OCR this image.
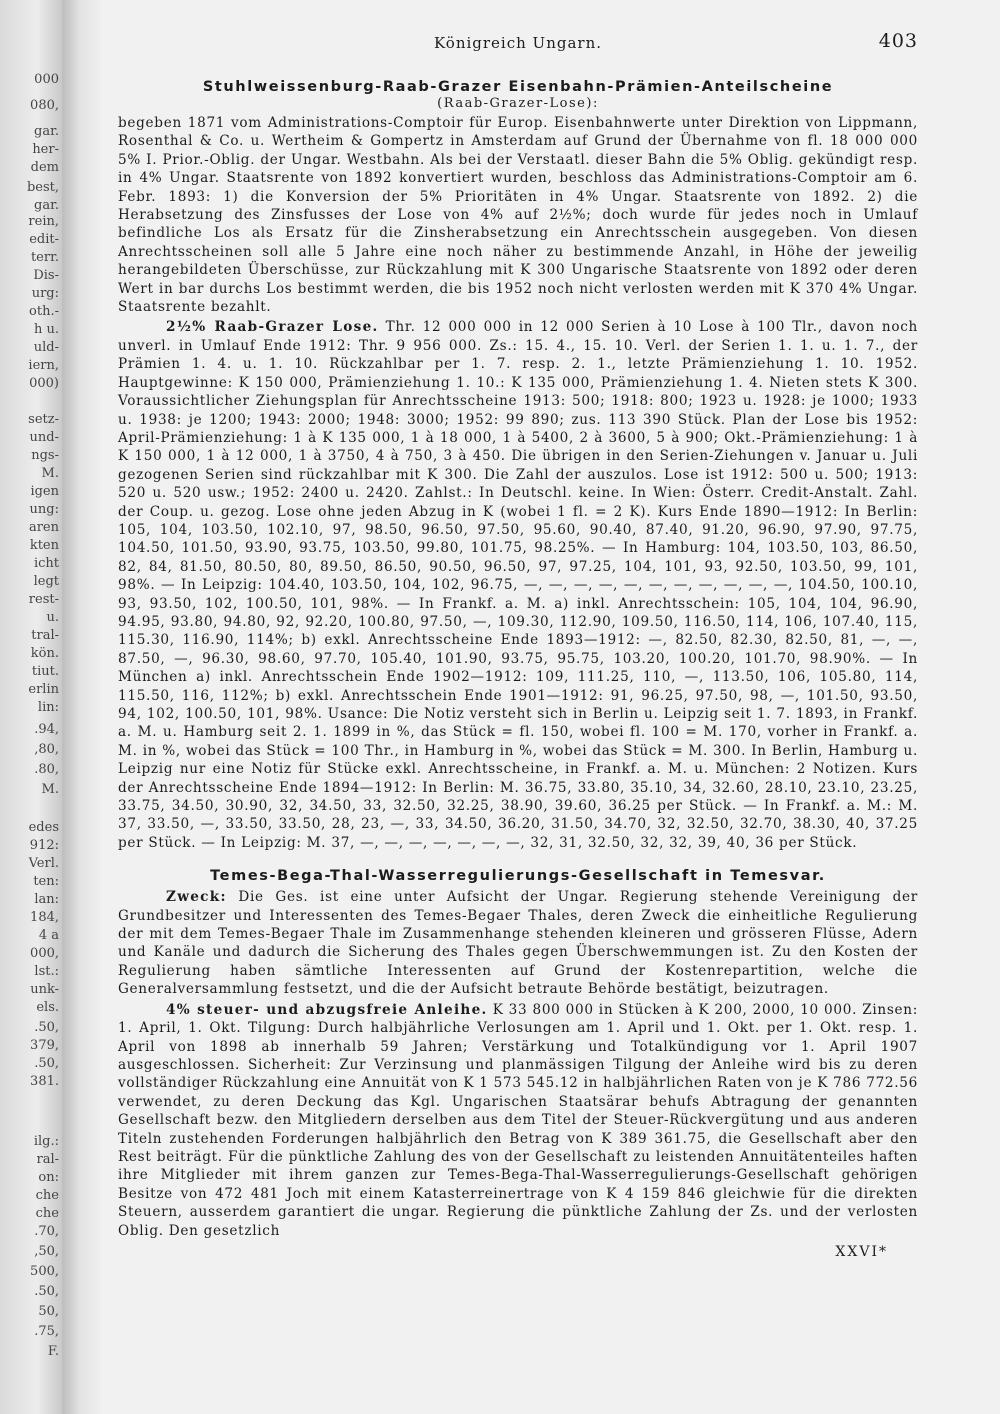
000
080,
gar.
her-
dem
best,
gar.
rein,
edit-
terr.
Dis-
urg:
oth.-
h u.
uld-
iern,
000)
setz-
und-
ngs-
M.
igen
ung:
aren
kten
icht
legt
rest-
u.
tral-
kön.
tiut.
erlin
lin:
.94,
,80,
.80,
M.
edes
912:
Verl.
ten:
lan:
184,
4 a
000,
lst.:
unk-
els.
.50,
379,
.50,
381.
ilg.:
ral-
on:
che
che
.70,
,50,
500,
.50,
50,
.75,
F.
Königreich Ungarn.	403
Stuhlweissenburg-Raab-Grazer Eisenbahn-Prämien-Anteilscheine
(Raab-Grazer-Lose):

begeben 1871 vom Administrations-Comptoir für Europ. Eisenbahnwerte unter Direktion von Lippmann, Rosenthal & Co. u. Wertheim & Gompertz in Amsterdam auf Grund der Übernahme von fl. 18 000 000 5% I. Prior.-Oblig. der Ungar. Westbahn. Als bei der Verstaatl. dieser Bahn die 5% Oblig. gekündigt resp. in 4% Ungar. Staatsrente von 1892 konvertiert wurden, beschloss das Administrations-Comptoir am 6. Febr. 1893: 1) die Konversion der 5% Prioritäten in 4% Ungar. Staatsrente von 1892. 2) die Herabsetzung des Zinsfusses der Lose von 4% auf 2½%; doch wurde für jedes noch in Umlauf befindliche Los als Ersatz für die Zinsherabsetzung ein Anrechtsschein ausgegeben. Von diesen Anrechtsscheinen soll alle 5 Jahre eine noch näher zu bestimmende Anzahl, in Höhe der jeweilig herangebildeten Überschüsse, zur Rückzahlung mit K 300 Ungarische Staatsrente von 1892 oder deren Wert in bar durchs Los bestimmt werden, die bis 1952 noch nicht verlosten werden mit K 370 4% Ungar. Staatsrente bezahlt.

2½% Raab-Grazer Lose. Thr. 12 000 000 in 12 000 Serien à 10 Lose à 100 Tlr., davon noch unverl. in Umlauf Ende 1912: Thr. 9 956 000. Zs.: 15. 4., 15. 10. Verl. der Serien 1. 1. u. 1. 7., der Prämien 1. 4. u. 1. 10. Rückzahlbar per 1. 7. resp. 2. 1., letzte Prämienziehung 1. 10. 1952. Hauptgewinne: K 150 000, Prämienziehung 1. 10.: K 135 000, Prämienziehung 1. 4. Nieten stets K 300. Voraussichtlicher Ziehungsplan für Anrechtsscheine 1913: 500; 1918: 800; 1923 u. 1928: je 1000; 1933 u. 1938: je 1200; 1943: 2000; 1948: 3000; 1952: 99 890; zus. 113 390 Stück. Plan der Lose bis 1952: April-Prämienziehung: 1 à K 135 000, 1 à 18 000, 1 à 5400, 2 à 3600, 5 à 900; Okt.-Prämienziehung: 1 à K 150 000, 1 à 12 000, 1 à 3750, 4 à 750, 3 à 450. Die übrigen in den Serien-Ziehungen v. Januar u. Juli gezogenen Serien sind rückzahlbar mit K 300. Die Zahl der auszulos. Lose ist 1912: 500 u. 500; 1913: 520 u. 520 usw.; 1952: 2400 u. 2420. Zahlst.: In Deutschl. keine. In Wien: Österr. Credit-Anstalt. Zahl. der Coup. u. gezog. Lose ohne jeden Abzug in K (wobei 1 fl. = 2 K). Kurs Ende 1890—1912: In Berlin: 105, 104, 103.50, 102.10, 97, 98.50, 96.50, 97.50, 95.60, 90.40, 87.40, 91.20, 96.90, 97.90, 97.75, 104.50, 101.50, 93.90, 93.75, 103.50, 99.80, 101.75, 98.25%. — In Hamburg: 104, 103.50, 103, 86.50, 82, 84, 81.50, 80.50, 80, 89.50, 86.50, 90.50, 96.50, 97, 97.25, 104, 101, 93, 92.50, 103.50, 99, 101, 98%. — In Leipzig: 104.40, 103.50, 104, 102, 96.75, —, —, —, —, —, —, —, —, —, —, —, 104.50, 100.10, 93, 93.50, 102, 100.50, 101, 98%. — In Frankf. a. M. a) inkl. Anrechtsschein: 105, 104, 104, 96.90, 94.95, 93.80, 94.80, 92, 92.20, 100.80, 97.50, —, 109.30, 112.90, 109.50, 116.50, 114, 106, 107.40, 115, 115.30, 116.90, 114%; b) exkl. Anrechtsscheine Ende 1893—1912: —, 82.50, 82.30, 82.50, 81, —, —, 87.50, —, 96.30, 98.60, 97.70, 105.40, 101.90, 93.75, 95.75, 103.20, 100.20, 101.70, 98.90%. — In München a) inkl. Anrechtsschein Ende 1902—1912: 109, 111.25, 110, —, 113.50, 106, 105.80, 114, 115.50, 116, 112%; b) exkl. Anrechtsschein Ende 1901—1912: 91, 96.25, 97.50, 98, —, 101.50, 93.50, 94, 102, 100.50, 101, 98%. Usance: Die Notiz versteht sich in Berlin u. Leipzig seit 1. 7. 1893, in Frankf. a. M. u. Hamburg seit 2. 1. 1899 in %, das Stück = fl. 150, wobei fl. 100 = M. 170, vorher in Frankf. a. M. in %, wobei das Stück = 100 Thr., in Hamburg in %, wobei das Stück = M. 300. In Berlin, Hamburg u. Leipzig nur eine Notiz für Stücke exkl. Anrechtsscheine, in Frankf. a. M. u. München: 2 Notizen. Kurs der Anrechtsscheine Ende 1894—1912: In Berlin: M. 36.75, 33.80, 35.10, 34, 32.60, 28.10, 23.10, 23.25, 33.75, 34.50, 30.90, 32, 34.50, 33, 32.50, 32.25, 38.90, 39.60, 36.25 per Stück. — In Frankf. a. M.: M. 37, 33.50, —, 33.50, 33.50, 28, 23, —, 33, 34.50, 36.20, 31.50, 34.70, 32, 32.50, 32.70, 38.30, 40, 37.25 per Stück. — In Leipzig: M. 37, —, —, —, —, —, —, —, 32, 31, 32.50, 32, 32, 39, 40, 36 per Stück.

Temes-Bega-Thal-Wasserregulierungs-Gesellschaft in Temesvar.

Zweck: Die Ges. ist eine unter Aufsicht der Ungar. Regierung stehende Vereinigung der Grundbesitzer und Interessenten des Temes-Begaer Thales, deren Zweck die einheitliche Regulierung der mit dem Temes-Begaer Thale im Zusammenhange stehenden kleineren und grösseren Flüsse, Adern und Kanäle und dadurch die Sicherung des Thales gegen Überschwemmungen ist. Zu den Kosten der Regulierung haben sämtliche Interessenten auf Grund der Kostenrepartition, welche die Generalversammlung festsetzt, und die der Aufsicht betraute Behörde bestätigt, beizutragen.

4% steuer- und abzugsfreie Anleihe. K 33 800 000 in Stücken à K 200, 2000, 10 000. Zinsen: 1. April, 1. Okt. Tilgung: Durch halbjährliche Verlosungen am 1. April und 1. Okt. per 1. Okt. resp. 1. April von 1898 ab innerhalb 59 Jahren; Verstärkung und Totalkündigung vor 1. April 1907 ausgeschlossen. Sicherheit: Zur Verzinsung und planmässigen Tilgung der Anleihe wird bis zu deren vollständiger Rückzahlung eine Annuität von K 1 573 545.12 in halbjährlichen Raten von je K 786 772.56 verwendet, zu deren Deckung das Kgl. Ungarischen Staatsärar behufs Abtragung der genannten Gesellschaft bezw. den Mitgliedern derselben aus dem Titel der Steuer-Rückvergütung und aus anderen Titeln zustehenden Forderungen halbjährlich den Betrag von K 389 361.75, die Gesellschaft aber den Rest beiträgt. Für die pünktliche Zahlung des von der Gesellschaft zu leistenden Annuitätenteiles haften ihre Mitglieder mit ihrem ganzen zur Temes-Bega-Thal-Wasserregulierungs-Gesellschaft gehörigen Besitze von 472 481 Joch mit einem Katasterreinertrage von K 4 159 846 gleichwie für die direkten Steuern, ausserdem garantiert die ungar. Regierung die pünktliche Zahlung der Zs. und der verlosten Oblig. Den gesetzlich

XXVI*
